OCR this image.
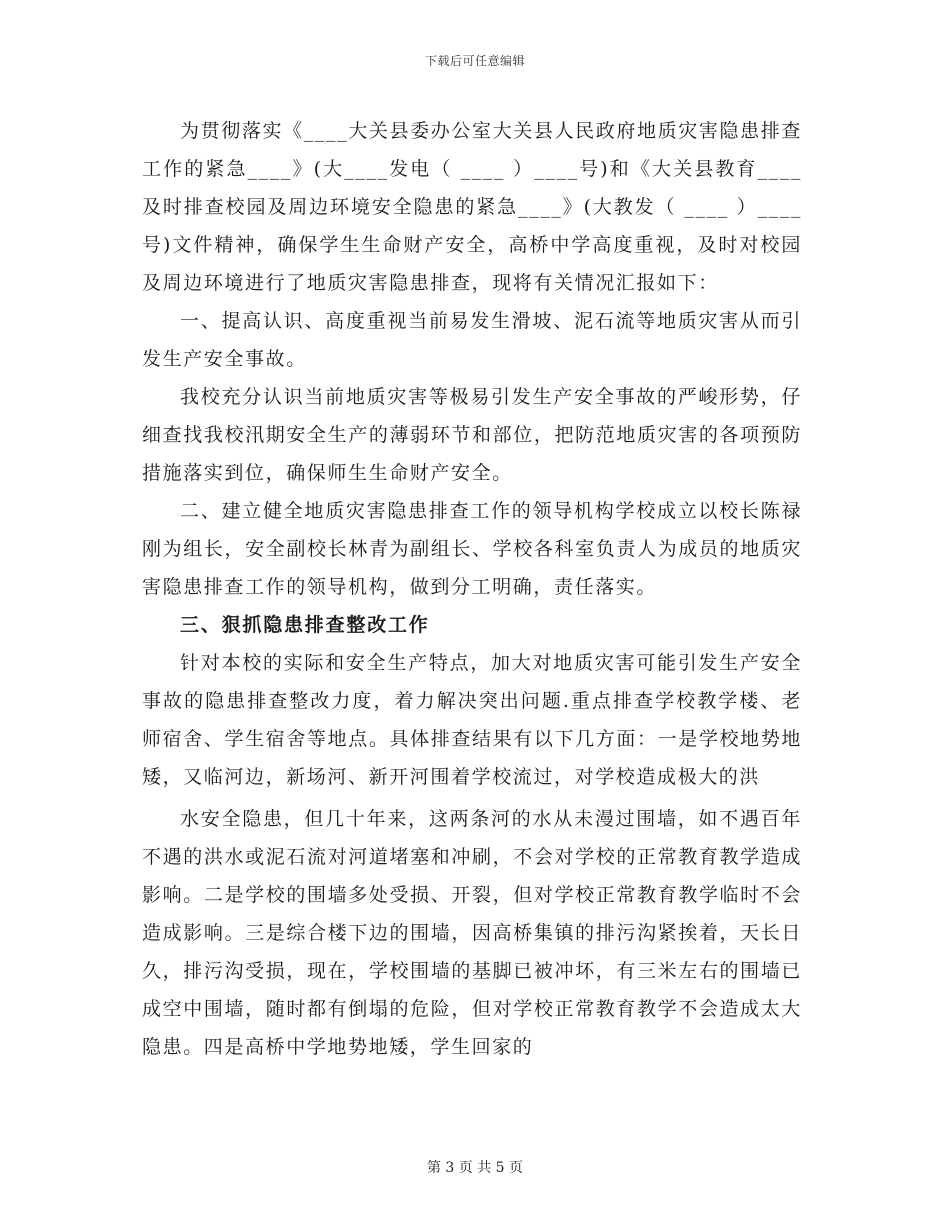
下载后可任意编辑

为贯彻落实《____大关县委办公室大关县人民政府地质灾害隐患排查工作的紧急____》(大____发电（ ____ ）____号)和《大关县教育____及时排查校园及周边环境安全隐患的紧急____》(大教发（ ____ ）____号)文件精神，确保学生生命财产安全，高桥中学高度重视，及时对校园及周边环境进行了地质灾害隐患排查，现将有关情况汇报如下：

一、提高认识、高度重视当前易发生滑坡、泥石流等地质灾害从而引发生产安全事故。

我校充分认识当前地质灾害等极易引发生产安全事故的严峻形势，仔细查找我校汛期安全生产的薄弱环节和部位，把防范地质灾害的各项预防措施落实到位，确保师生生命财产安全。

二、建立健全地质灾害隐患排查工作的领导机构学校成立以校长陈禄刚为组长，安全副校长林青为副组长、学校各科室负责人为成员的地质灾害隐患排查工作的领导机构，做到分工明确，责任落实。

三、狠抓隐患排查整改工作

针对本校的实际和安全生产特点，加大对地质灾害可能引发生产安全事故的隐患排查整改力度，着力解决突出问题.重点排查学校教学楼、老师宿舍、学生宿舍等地点。具体排查结果有以下几方面：一是学校地势地矮，又临河边，新场河、新开河围着学校流过，对学校造成极大的洪

水安全隐患，但几十年来，这两条河的水从未漫过围墙，如不遇百年不遇的洪水或泥石流对河道堵塞和冲刷，不会对学校的正常教育教学造成影响。二是学校的围墙多处受损、开裂，但对学校正常教育教学临时不会造成影响。三是综合楼下边的围墙，因高桥集镇的排污沟紧挨着，天长日久，排污沟受损，现在，学校围墙的基脚已被冲坏，有三米左右的围墙已成空中围墙，随时都有倒塌的危险，但对学校正常教育教学不会造成太大隐患。四是高桥中学地势地矮，学生回家的

第 3 页 共 5 页
